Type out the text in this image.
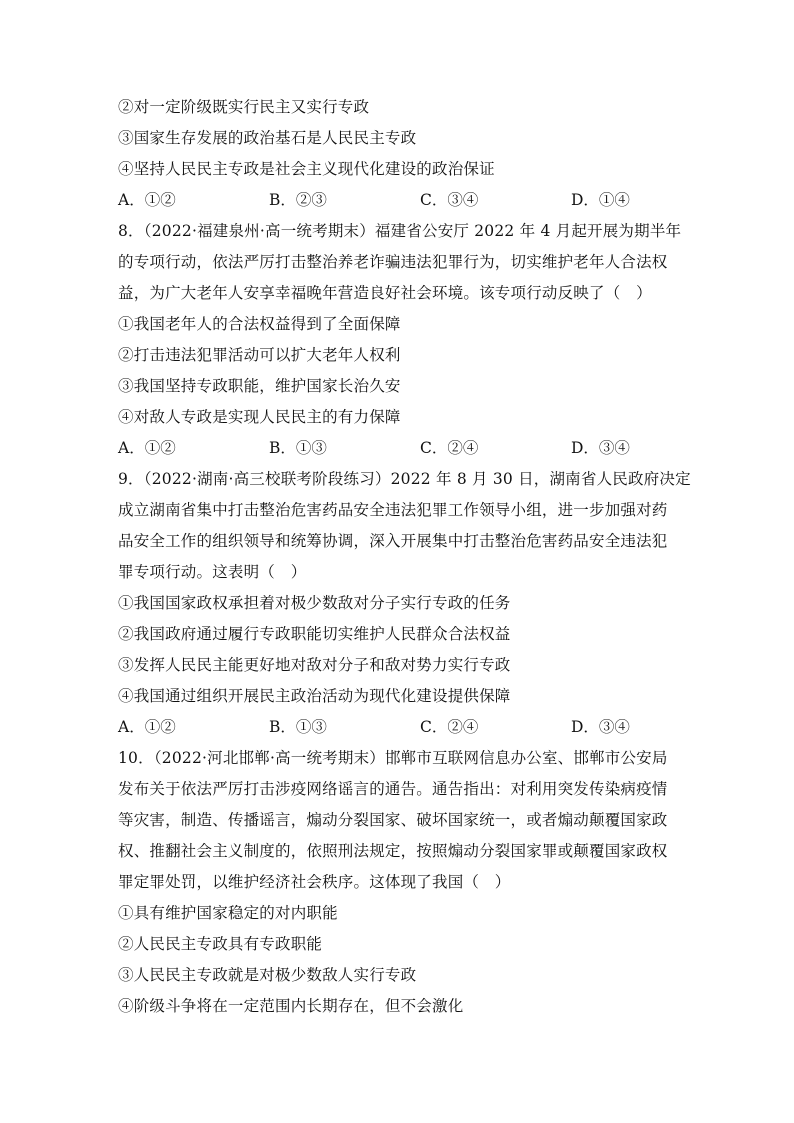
②对一定阶级既实行民主又实行专政
③国家生存发展的政治基石是人民民主专政
④坚持人民民主专政是社会主义现代化建设的政治保证
A．①②	B．②③	C．③④	D．①④
8．（2022·福建泉州·高一统考期末）福建省公安厅 2022 年 4 月起开展为期半年
的专项行动，依法严厉打击整治养老诈骗违法犯罪行为，切实维护老年人合法权
益，为广大老年人安享幸福晚年营造良好社会环境。该专项行动反映了（　）
①我国老年人的合法权益得到了全面保障
②打击违法犯罪活动可以扩大老年人权利
③我国坚持专政职能，维护国家长治久安
④对敌人专政是实现人民民主的有力保障
A．①②	B．①③	C．②④	D．③④
9．（2022·湖南·高三校联考阶段练习）2022 年 8 月 30 日，湖南省人民政府决定
成立湖南省集中打击整治危害药品安全违法犯罪工作领导小组，进一步加强对药
品安全工作的组织领导和统筹协调，深入开展集中打击整治危害药品安全违法犯
罪专项行动。这表明（　）
①我国国家政权承担着对极少数敌对分子实行专政的任务
②我国政府通过履行专政职能切实维护人民群众合法权益
③发挥人民民主能更好地对敌对分子和敌对势力实行专政
④我国通过组织开展民主政治活动为现代化建设提供保障
A．①②	B．①③	C．②④	D．③④
10．（2022·河北邯郸·高一统考期末）邯郸市互联网信息办公室、邯郸市公安局
发布关于依法严厉打击涉疫网络谣言的通告。通告指出：对利用突发传染病疫情
等灾害，制造、传播谣言，煽动分裂国家、破坏国家统一，或者煽动颠覆国家政
权、推翻社会主义制度的，依照刑法规定，按照煽动分裂国家罪或颠覆国家政权
罪定罪处罚，以维护经济社会秩序。这体现了我国（　）
①具有维护国家稳定的对内职能
②人民民主专政具有专政职能
③人民民主专政就是对极少数敌人实行专政
④阶级斗争将在一定范围内长期存在，但不会激化
